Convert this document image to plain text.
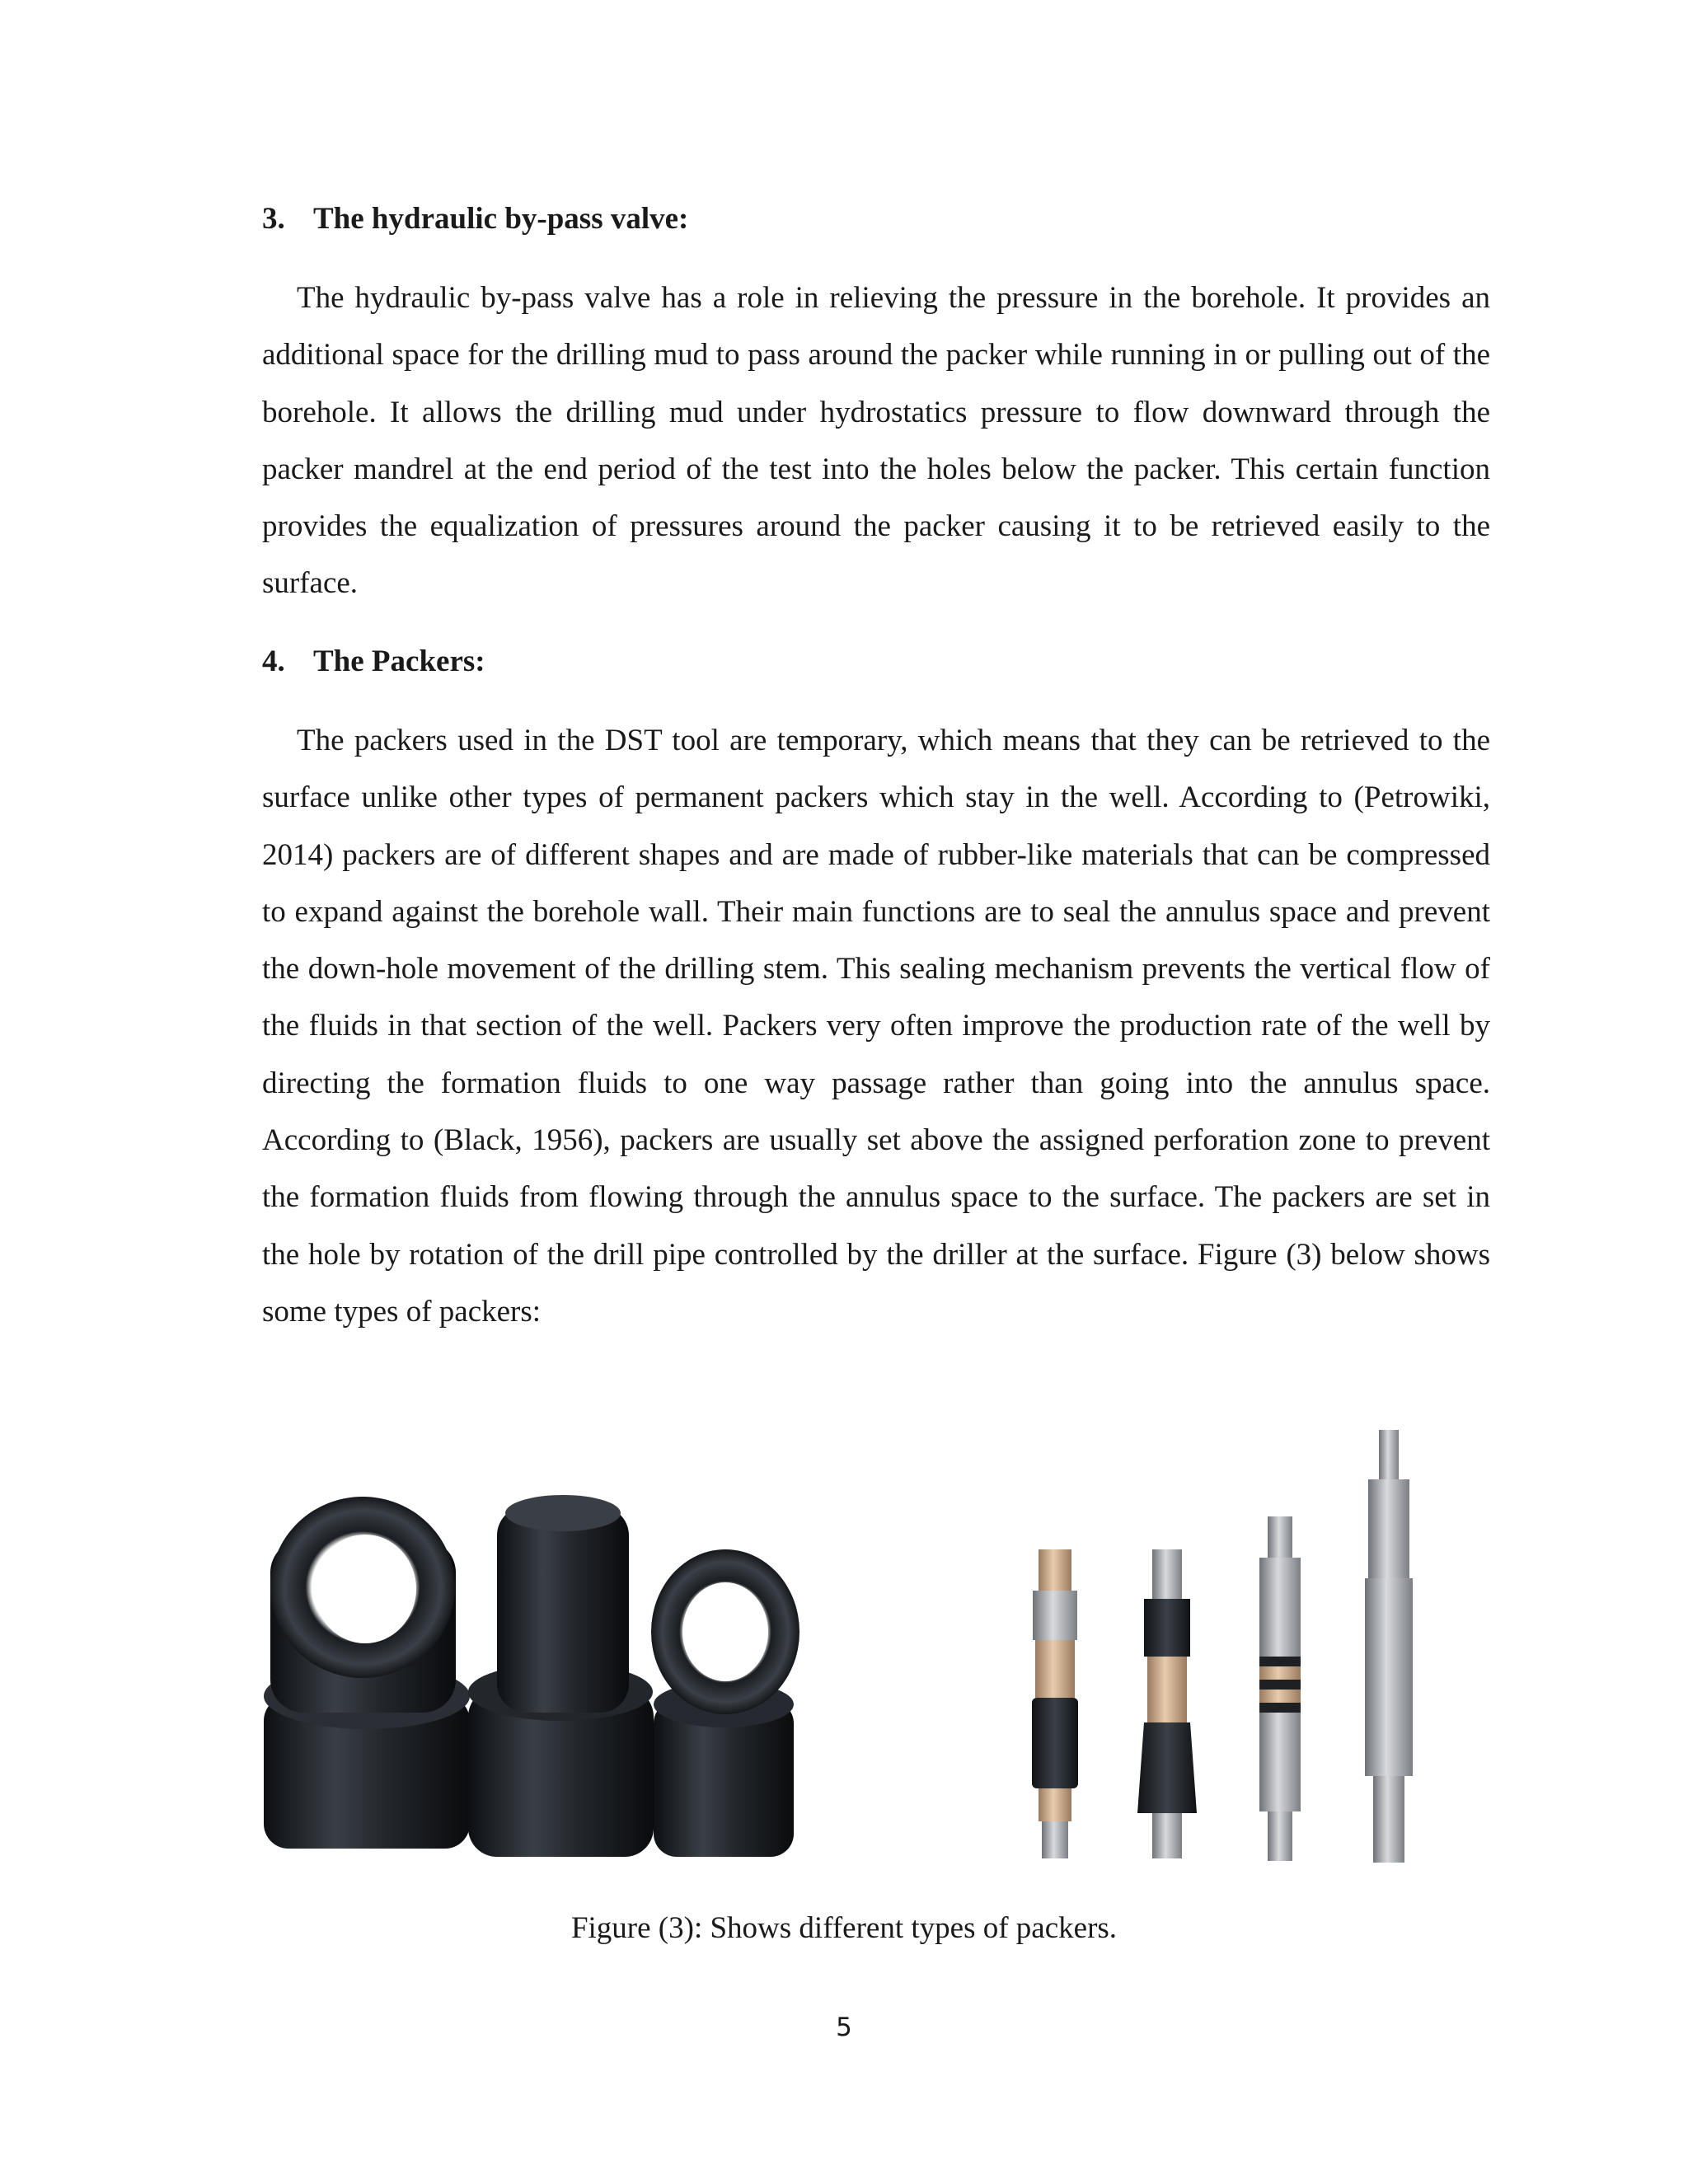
3. The hydraulic by-pass valve:

The hydraulic by-pass valve has a role in relieving the pressure in the borehole. It provides an additional space for the drilling mud to pass around the packer while running in or pulling out of the borehole. It allows the drilling mud under hydrostatics pressure to flow downward through the packer mandrel at the end period of the test into the holes below the packer. This certain function provides the equalization of pressures around the packer causing it to be retrieved easily to the surface.

4. The Packers:

The packers used in the DST tool are temporary, which means that they can be retrieved to the surface unlike other types of permanent packers which stay in the well. According to (Petrowiki, 2014) packers are of different shapes and are made of rubber-like materials that can be compressed to expand against the borehole wall. Their main functions are to seal the annulus space and prevent the down-hole movement of the drilling stem. This sealing mechanism prevents the vertical flow of the fluids in that section of the well. Packers very often improve the production rate of the well by directing the formation fluids to one way passage rather than going into the annulus space. According to (Black, 1956), packers are usually set above the assigned perforation zone to prevent the formation fluids from flowing through the annulus space to the surface. The packers are set in the hole by rotation of the drill pipe controlled by the driller at the surface. Figure (3) below shows some types of packers:

Figure (3): Shows different types of packers.

5
